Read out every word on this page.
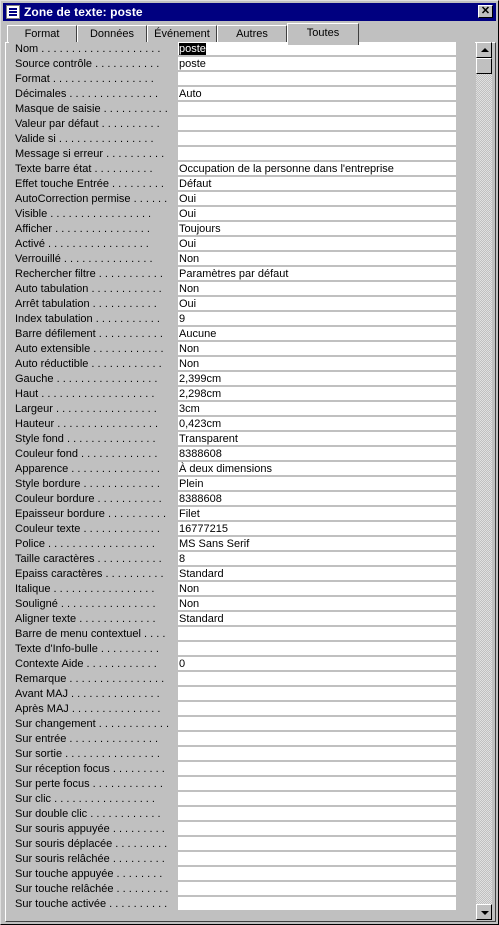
Zone de texte: poste	✕
Format	Données	Événement	Autres	Toutes
Nom . . . . . . . . . . . . . . . . . . . .	poste
Source contrôle . . . . . . . . . . .	poste
Format . . . . . . . . . . . . . . . . .
Décimales . . . . . . . . . . . . . . .	Auto
Masque de saisie . . . . . . . . . . .
Valeur par défaut . . . . . . . . . .
Valide si . . . . . . . . . . . . . . . .
Message si erreur . . . . . . . . . .
Texte barre état . . . . . . . . . .	Occupation de la personne dans l'entreprise
Effet touche Entrée . . . . . . . . .	Défaut
AutoCorrection permise . . . . . .	Oui
Visible . . . . . . . . . . . . . . . . .	Oui
Afficher . . . . . . . . . . . . . . . .	Toujours
Activé . . . . . . . . . . . . . . . . .	Oui
Verrouillé . . . . . . . . . . . . . . .	Non
Rechercher filtre . . . . . . . . . . .	Paramètres par défaut
Auto tabulation . . . . . . . . . . . .	Non
Arrêt tabulation . . . . . . . . . . .	Oui
Index tabulation . . . . . . . . . . .	9
Barre défilement . . . . . . . . . . .	Aucune
Auto extensible . . . . . . . . . . . .	Non
Auto réductible . . . . . . . . . . . .	Non
Gauche . . . . . . . . . . . . . . . . .	2,399cm
Haut . . . . . . . . . . . . . . . . . . .	2,298cm
Largeur . . . . . . . . . . . . . . . . .	3cm
Hauteur . . . . . . . . . . . . . . . . .	0,423cm
Style fond . . . . . . . . . . . . . . .	Transparent
Couleur fond . . . . . . . . . . . . .	8388608
Apparence . . . . . . . . . . . . . . .	À deux dimensions
Style bordure . . . . . . . . . . . . .	Plein
Couleur bordure . . . . . . . . . . .	8388608
Epaisseur bordure . . . . . . . . . .	Filet
Couleur texte . . . . . . . . . . . . .	16777215
Police . . . . . . . . . . . . . . . . . .	MS Sans Serif
Taille caractères . . . . . . . . . . .	8
Epaiss caractères . . . . . . . . . .	Standard
Italique . . . . . . . . . . . . . . . . .	Non
Souligné . . . . . . . . . . . . . . . .	Non
Aligner texte . . . . . . . . . . . . .	Standard
Barre de menu contextuel . . . .
Texte d'Info-bulle . . . . . . . . . .
Contexte Aide . . . . . . . . . . . .	0
Remarque . . . . . . . . . . . . . . . .
Avant MAJ . . . . . . . . . . . . . . .
Après MAJ . . . . . . . . . . . . . . .
Sur changement . . . . . . . . . . . .
Sur entrée . . . . . . . . . . . . . . .
Sur sortie . . . . . . . . . . . . . . . .
Sur réception focus . . . . . . . . .
Sur perte focus . . . . . . . . . . . .
Sur clic . . . . . . . . . . . . . . . . .
Sur double clic . . . . . . . . . . . .
Sur souris appuyée . . . . . . . . .
Sur souris déplacée . . . . . . . . .
Sur souris relâchée . . . . . . . . .
Sur touche appuyée . . . . . . . .
Sur touche relâchée . . . . . . . . .
Sur touche activée . . . . . . . . . .
